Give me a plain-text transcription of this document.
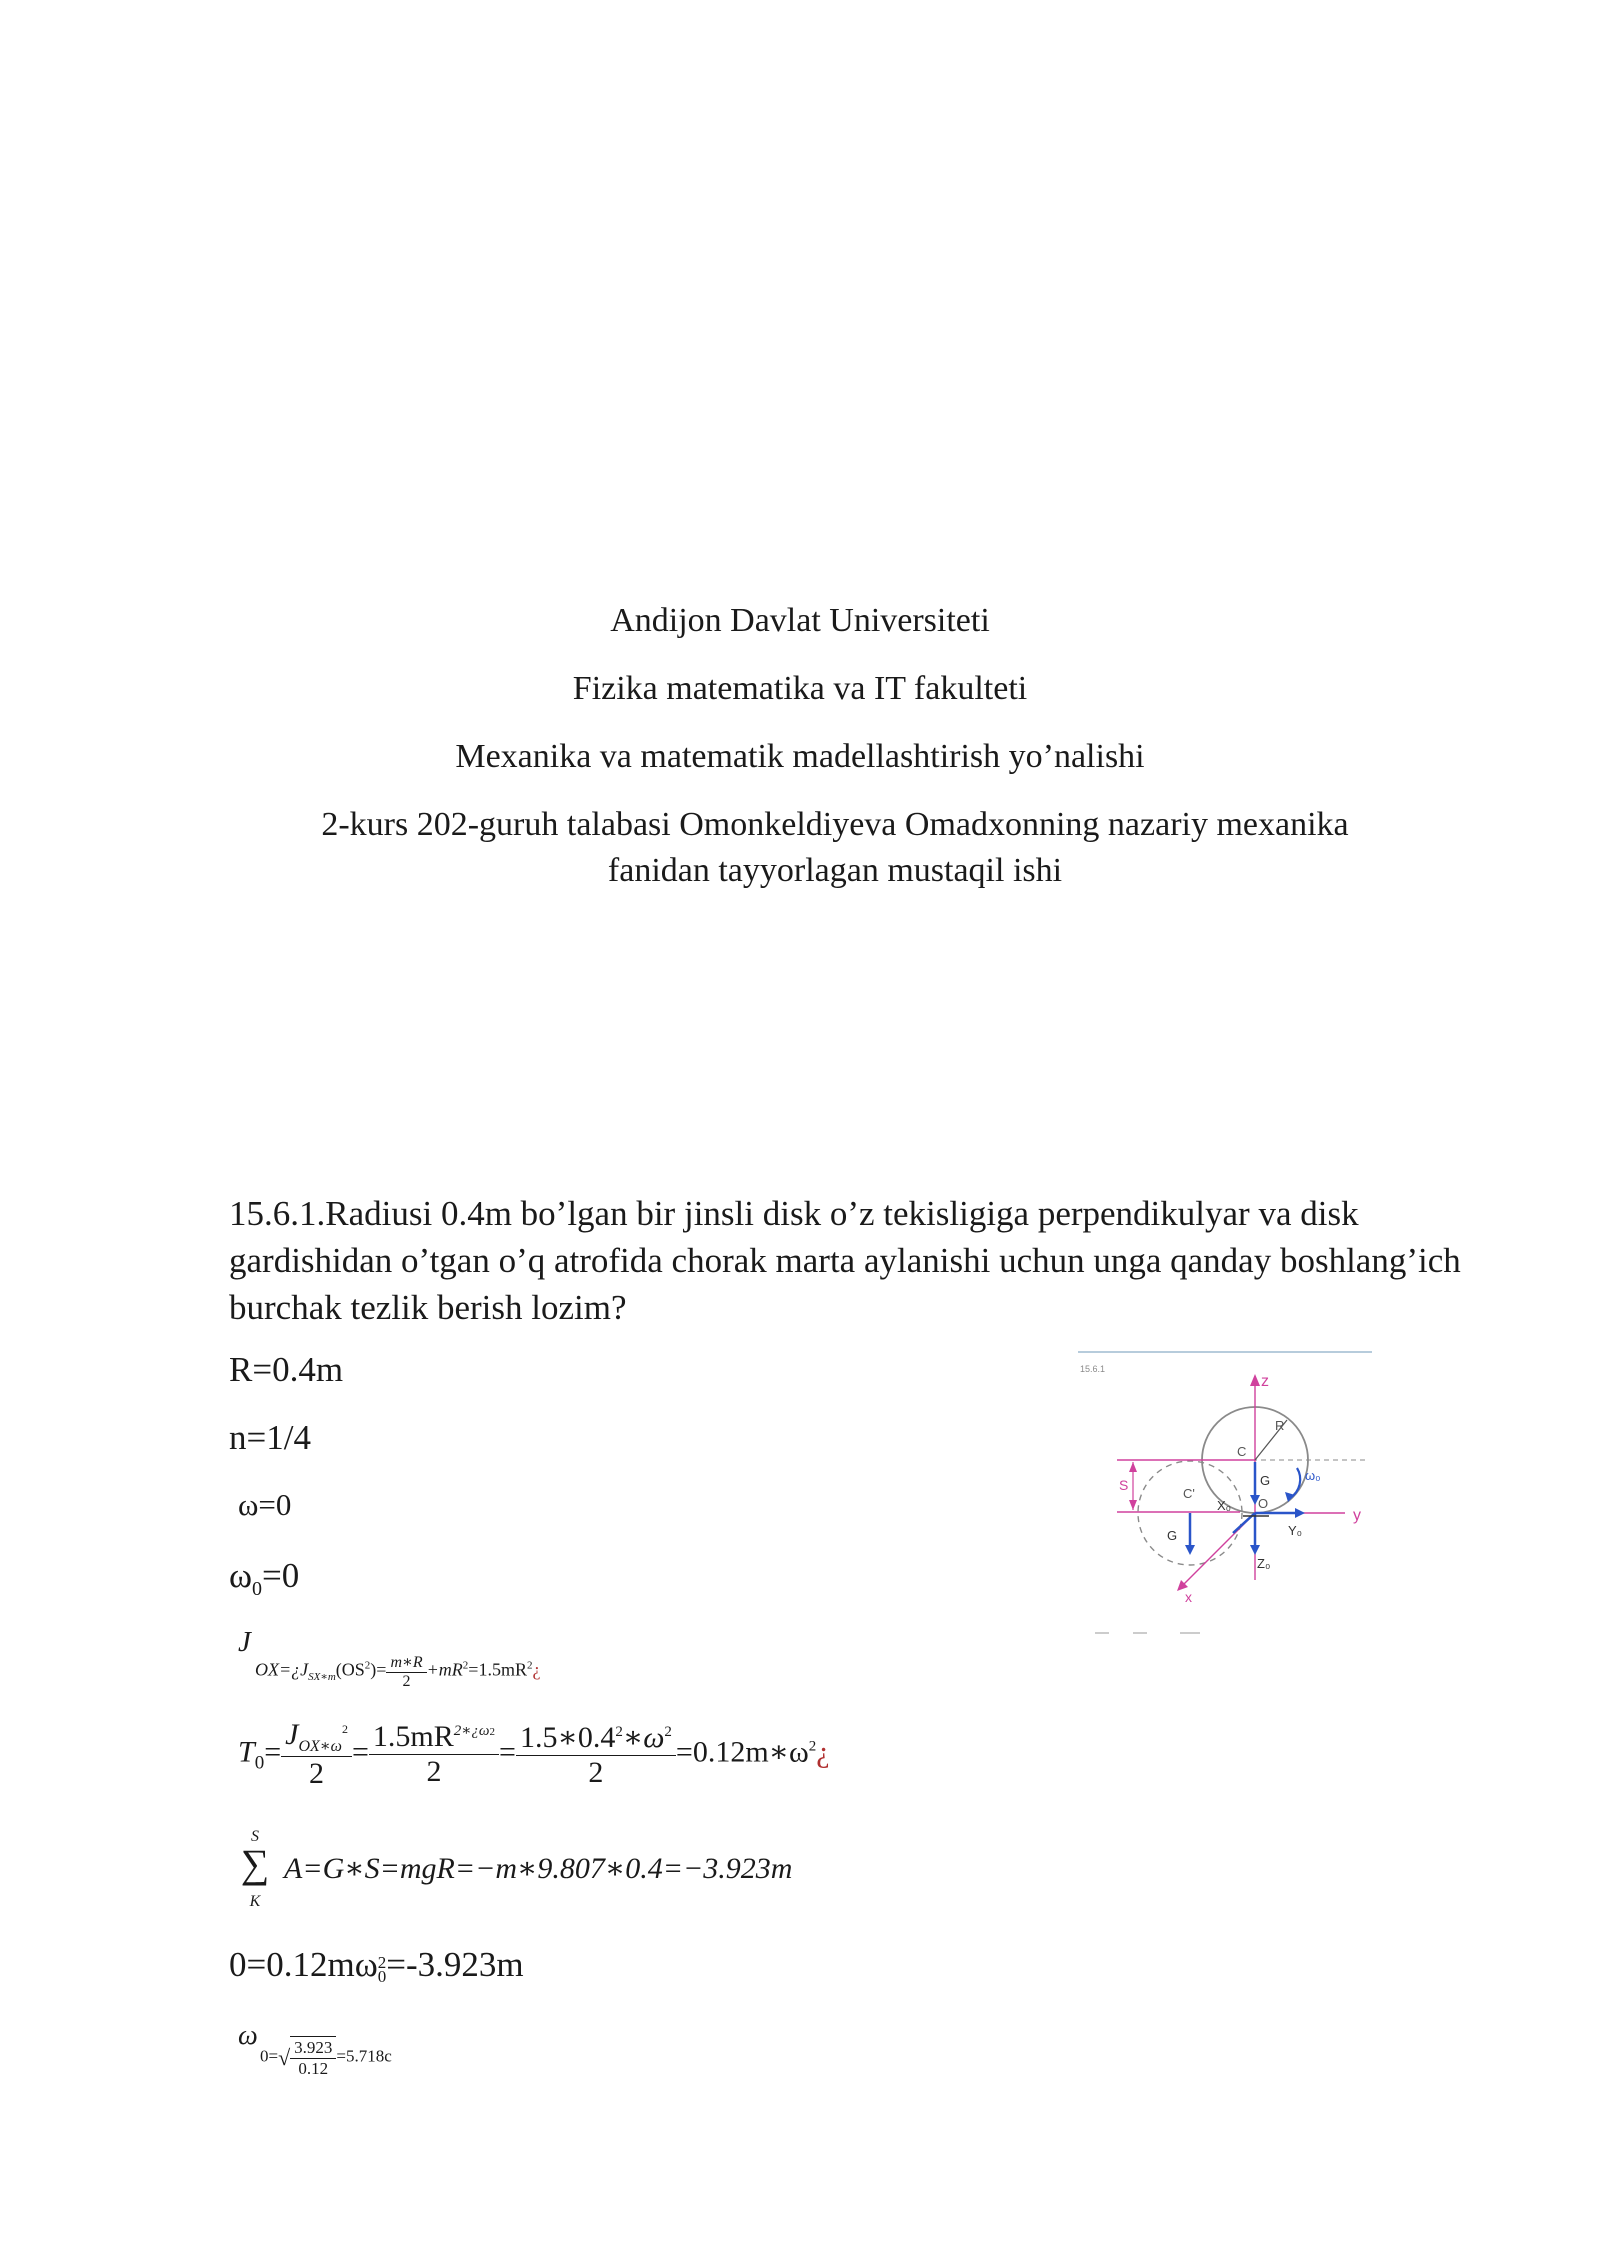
Andijon Davlat Universiteti

Fizika matematika va IT fakulteti

Mexanika va matematik madellashtirish yo’nalishi

2-kurs 202-guruh talabasi Omonkeldiyeva Omadxonning nazariy mexanika fanidan tayyorlagan mustaqil ishi

15.6.1.Radiusi 0.4m bo’lgan bir jinsli disk o’z tekisligiga perpendikulyar va disk gardishidan o’tgan o’q atrofida chorak marta aylanishi uchun unga qanday boshlang’ich burchak tezlik berish lozim?
R=0.4m
n=1/4
ω=0
$\omega_0=0$
J
$OX=¿J_{SX∗m}(OS^2)= \frac{m∗R}{2}$ $+mR^2=1.5mR^2¿$
$T_0= \frac{J_{OX∗\omega}^2}{2} = \frac{1.5mR^{2∗¿\omega 2}}{2} = \frac{1.5∗0.4^2∗\omega^2}{2}$ $=0.12m∗\omega^2¿$
S
∑
K
A=G∗S=mgR=−m∗9.807∗0.4=−3.923m
0=0.12mω 2
0 =-3.923m
ω
$0=√ \frac{3.923}{0.12} =5.718c$
15.6.1
S
z
y
x
R
C
C'
O
G
G	Y₀
Z₀
X₀
ω₀
